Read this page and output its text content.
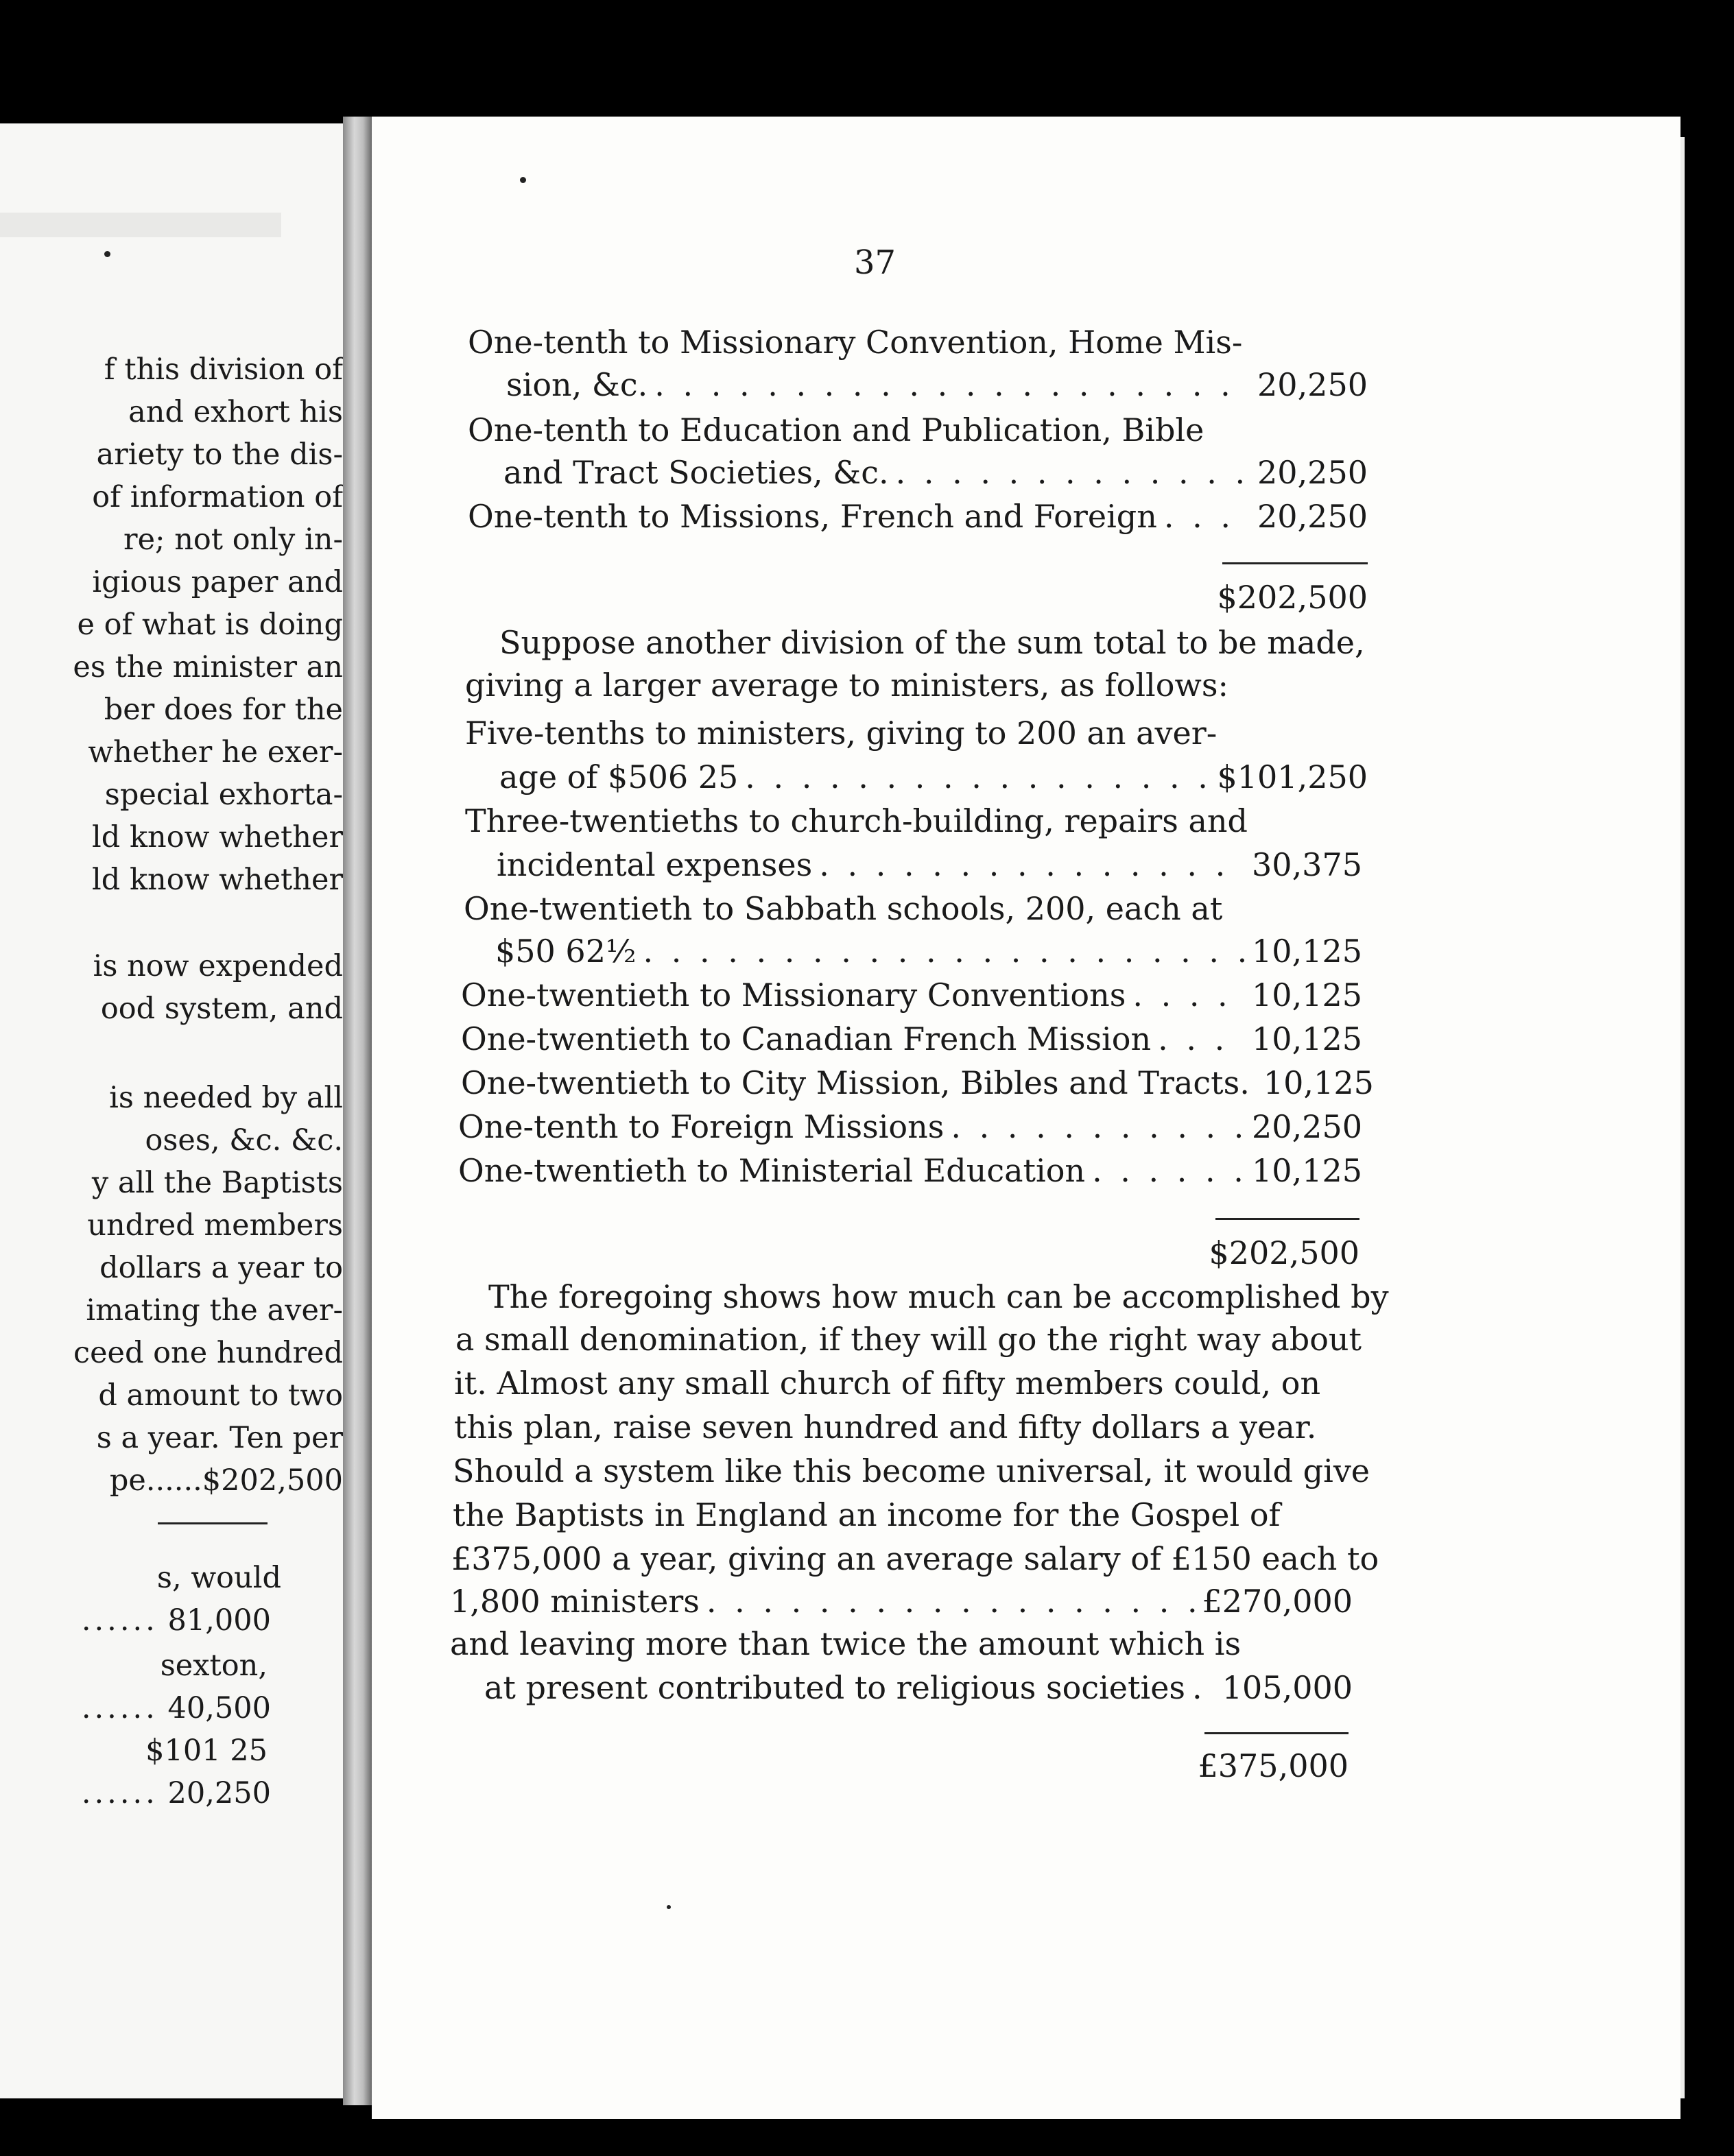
f this division of
and exhort his
ariety to the dis-
of information of
re; not only in-
igious paper and
e of what is doing
es the minister an
ber does for the
whether he exer-
special exhorta-
ld know whether
ld know whether
is now expended
ood system, and
is needed by all
oses, &c. &c.
y all the Baptists
undred members
dollars a year to
imating the aver-
ceed one hundred
d amount to two
s a year. Ten per
pe......$202,500
s, would
...... 81,000
sexton,
...... 40,500
$101 25
...... 20,250
37
One-tenth to Missionary Convention, Home Mis-
sion, &c. . . .	20,250
One-tenth to Education and Publication, Bible
and Tract Societies, &c. . . .	20,250
One-tenth to Missions, French and Foreign . . .	20,250
$202,500
Suppose another division of the sum total to be made,
giving a larger average to ministers, as follows:
Five-tenths to ministers, giving to 200 an aver-
age of $506 25 . . .	$101,250
Three-twentieths to church-building, repairs and
incidental expenses . . .	30,375
One-twentieth to Sabbath schools, 200, each at
$50 62½ . . .	10,125
One-twentieth to Missionary Conventions . . .	10,125
One-twentieth to Canadian French Mission . . .	10,125
One-twentieth to City Mission, Bibles and Tracts. 10,125
One-tenth to Foreign Missions . . .	20,250
One-twentieth to Ministerial Education . . .	10,125
$202,500
The foregoing shows how much can be accomplished by
a small denomination, if they will go the right way about
it. Almost any small church of fifty members could, on
this plan, raise seven hundred and fifty dollars a year.
Should a system like this become universal, it would give
the Baptists in England an income for the Gospel of
£375,000 a year, giving an average salary of £150 each to
1,800 ministers . . .	£270,000
and leaving more than twice the amount which is
at present contributed to religious societies . . . 105,000
£375,000
